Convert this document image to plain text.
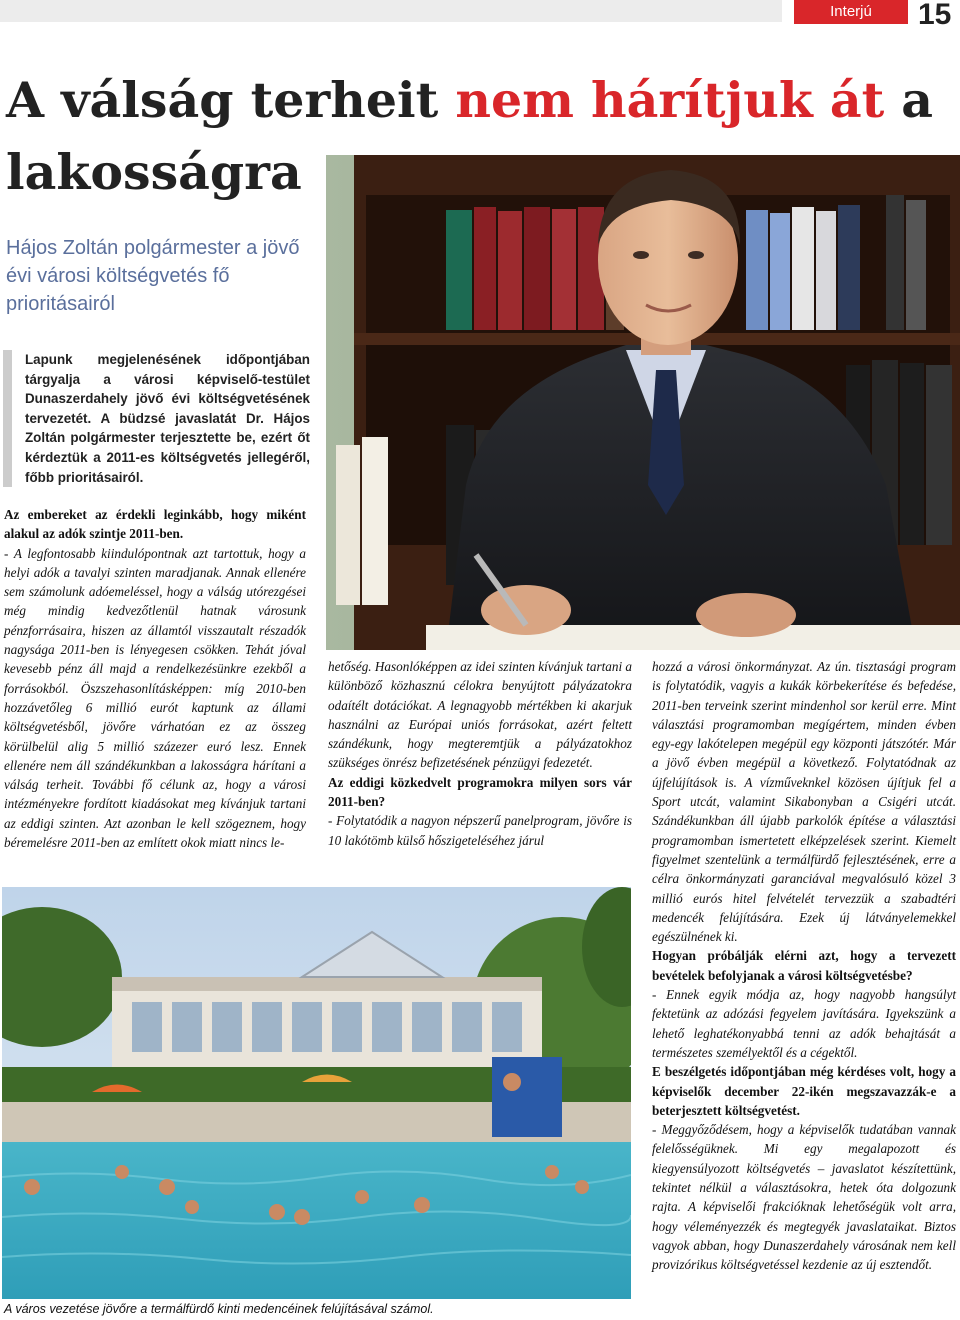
Interjú	15
A válság terheit nem hárítjuk át a lakosságra
Hájos Zoltán polgármester a jövő évi városi költségvetés fő prioritásairól
Lapunk megjelenésének időpontjában tárgyalja a városi képviselő-testület Dunaszerdahely jövő évi költségvetésének tervezetét. A büdzsé javaslatát Dr. Hájos Zoltán polgármester terjesztette be, ezért őt kérdeztük a 2011-es költségvetés jellegéről, főbb prioritásairól.

Az embereket az érdekli leginkább, hogy miként alakul az adók szintje 2011-ben.

- A legfontosabb kiindulópontnak azt tartottuk, hogy a helyi adók a tavalyi szinten maradjanak. Annak ellenére sem számolunk adóemeléssel, hogy a válság utórezgései még mindig kedvezőtlenül hatnak városunk pénzforrásaira, hiszen az államtól visszautalt részadók nagysága 2011-ben is lényegesen csökken. Tehát jóval kevesebb pénz áll majd a rendelkezésünkre ezekből a forrásokból. Öszszehasonlításképpen: míg 2010-ben hozzávetőleg 6 millió eurót kaptunk az állami költségvetésből, jövőre várhatóan ez az összeg körülbelül alig 5 millió százezer euró lesz. Ennek ellenére nem áll szándékunkban a lakosságra hárítani a válság terheit. További fő célunk az, hogy a városi intézményekre fordított kiadásokat meg kívánjuk tartani az eddigi szinten. Azt azonban le kell szögeznem, hogy béremelésre 2011-ben az említett okok miatt nincs le-

hetőség. Hasonlóképpen az idei szinten kívánjuk tartani a különböző közhasznú célokra benyújtott pályázatokra odaítélt dotációkat. A legnagyobb mértékben ki akarjuk használni az Európai uniós forrásokat, azért feltett szándékunk, hogy megteremtjük a pályázatokhoz szükséges önrész befizetésének pénzügyi fedezetét.

Az eddigi közkedvelt programokra milyen sors vár 2011-ben?

- Folytatódik a nagyon népszerű panelprogram, jövőre is 10 lakótömb külső hőszigeteléséhez járul

hozzá a városi önkormányzat. Az ún. tisztasági program is folytatódik, vagyis a kukák körbekerítése és befedése, 2011-ben terveink szerint mindenhol sor kerül erre. Mint választási programomban megígértem, minden évben egy-egy lakótelepen megépül egy központi játszótér. Már a jövő évben megépül a következő. Folytatódnak az újfelújítások is. A vízműveknkel közösen újítjuk fel a Sport utcát, valamint Sikabonyban a Csigéri utcát. Szándékunkban áll újabb parkolók építése a választási programomban ismertetett elképzelések szerint. Kiemelt figyelmet szentelünk a termálfürdő fejlesztésének, erre a célra önkormányzati garanciával megvalósuló közel 3 millió eurós hitel felvételét tervezzük a szabadtéri medencék felújítására. Ezek új látványelemekkel egészülnének ki.

Hogyan próbálják elérni azt, hogy a tervezett bevételek befolyjanak a városi költségvetésbe?

- Ennek egyik módja az, hogy nagyobb hangsúlyt fektetünk az adózási fegyelem javítására. Igyekszünk a lehető leghatékonyabbá tenni az adók behajtását a természetes személyektől és a cégektől.

E beszélgetés időpontjában még kérdéses volt, hogy a képviselők december 22-ikén megszavazzák-e a beterjesztett költségvetést.

- Meggyőződésem, hogy a képviselők tudatában vannak felelősségüknek. Mi egy megalapozott és kiegyensúlyozott költségvetés – javaslatot készítettünk, tekintet nélkül a választásokra, hetek óta dolgozunk rajta. A képviselői frakcióknak lehetőségük volt arra, hogy véleményezzék és megtegyék javaslataikat. Biztos vagyok abban, hogy Dunaszerdahely városának nem kell provizórikus költségvetéssel kezdenie az új esztendőt.

A város vezetése jövőre a termálfürdő kinti medencéinek felújításával számol.
